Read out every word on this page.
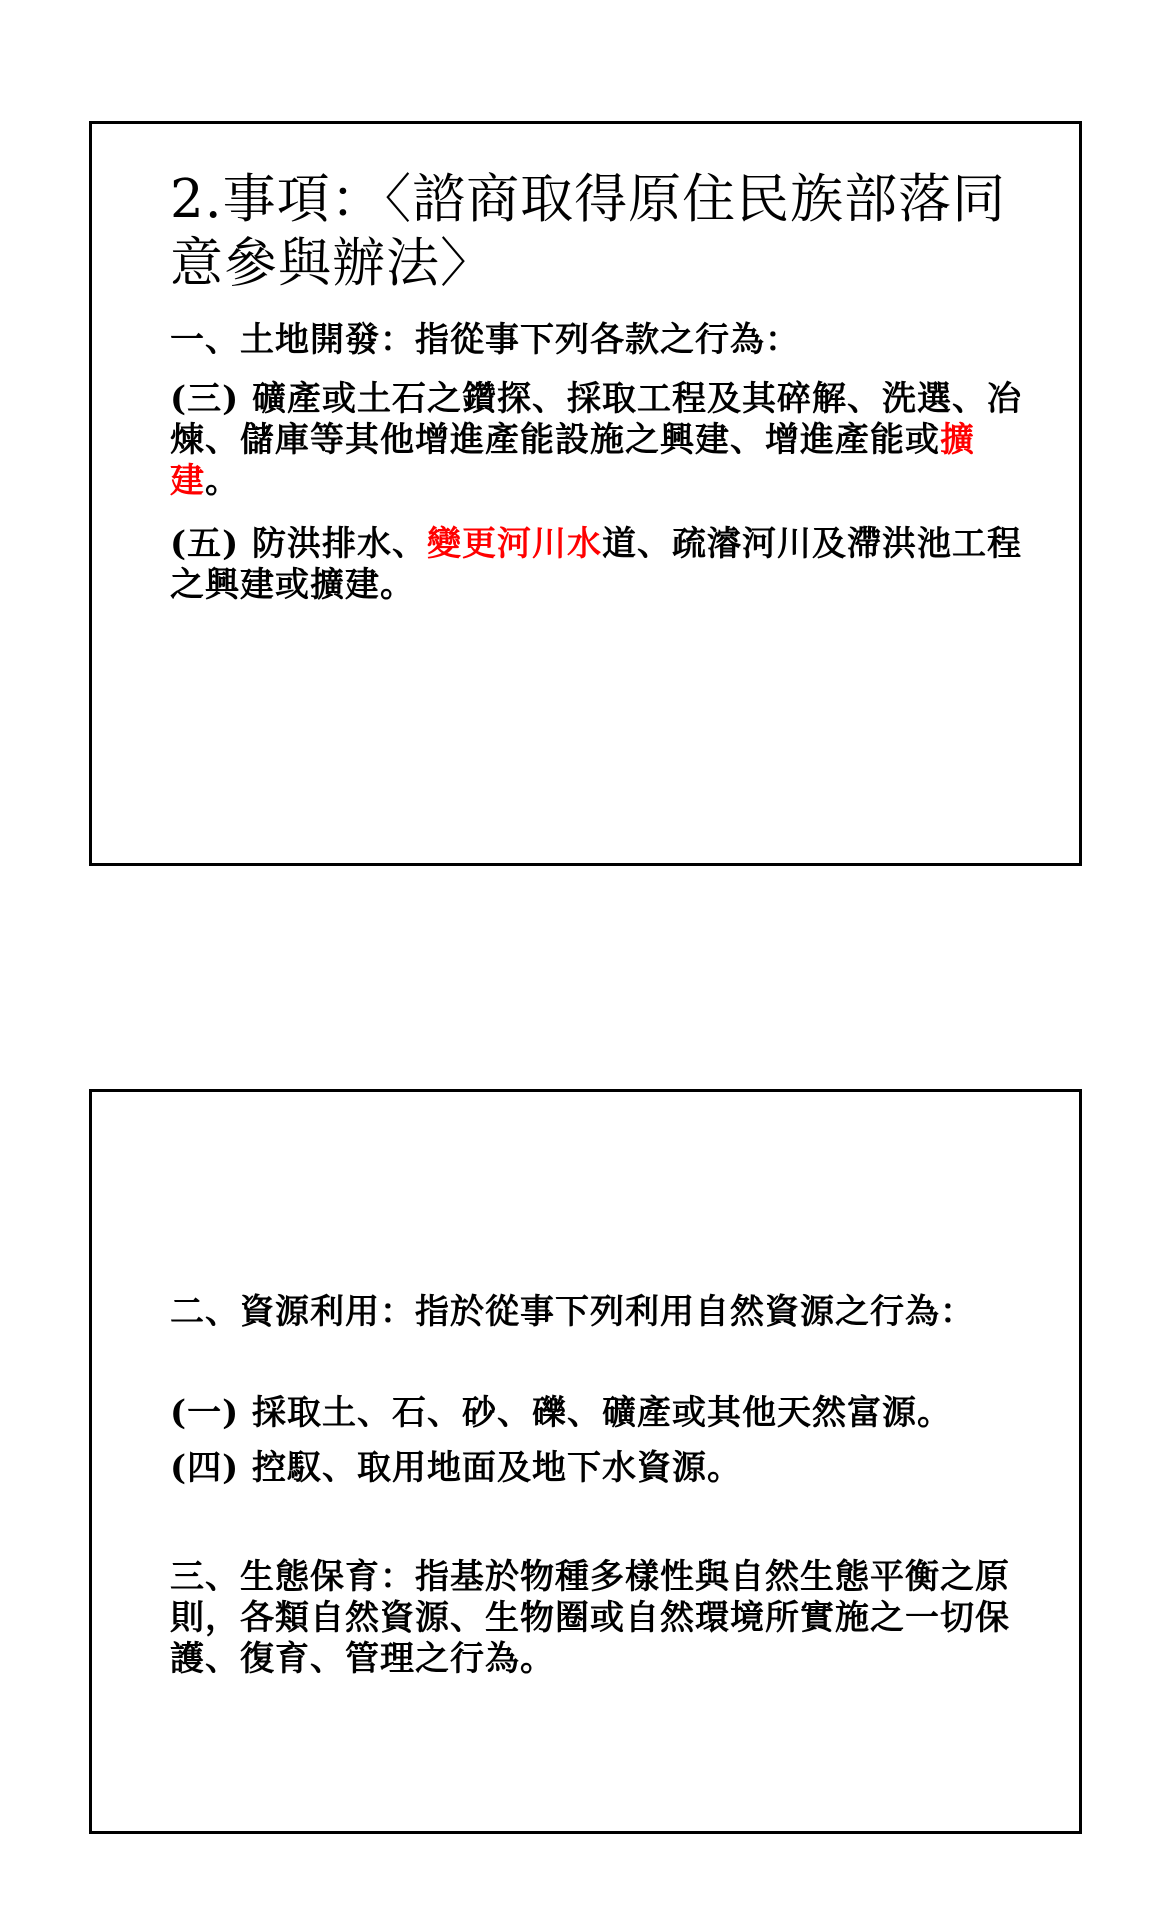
2.事項：〈諮商取得原住民族部落同意參與辦法〉

一、土地開發：指從事下列各款之行為：

(三) 礦產或土石之鑽探、採取工程及其碎解、洗選、冶煉、儲庫等其他增進產能設施之興建、增進產能或擴建。

(五) 防洪排水、變更河川水道、疏濬河川及滯洪池工程之興建或擴建。

二、資源利用：指於從事下列利用自然資源之行為：

(一) 採取土、石、砂、礫、礦產或其他天然富源。

(四) 控馭、取用地面及地下水資源。

三、生態保育：指基於物種多樣性與自然生態平衡之原則，各類自然資源、生物圈或自然環境所實施之一切保護、復育、管理之行為。
